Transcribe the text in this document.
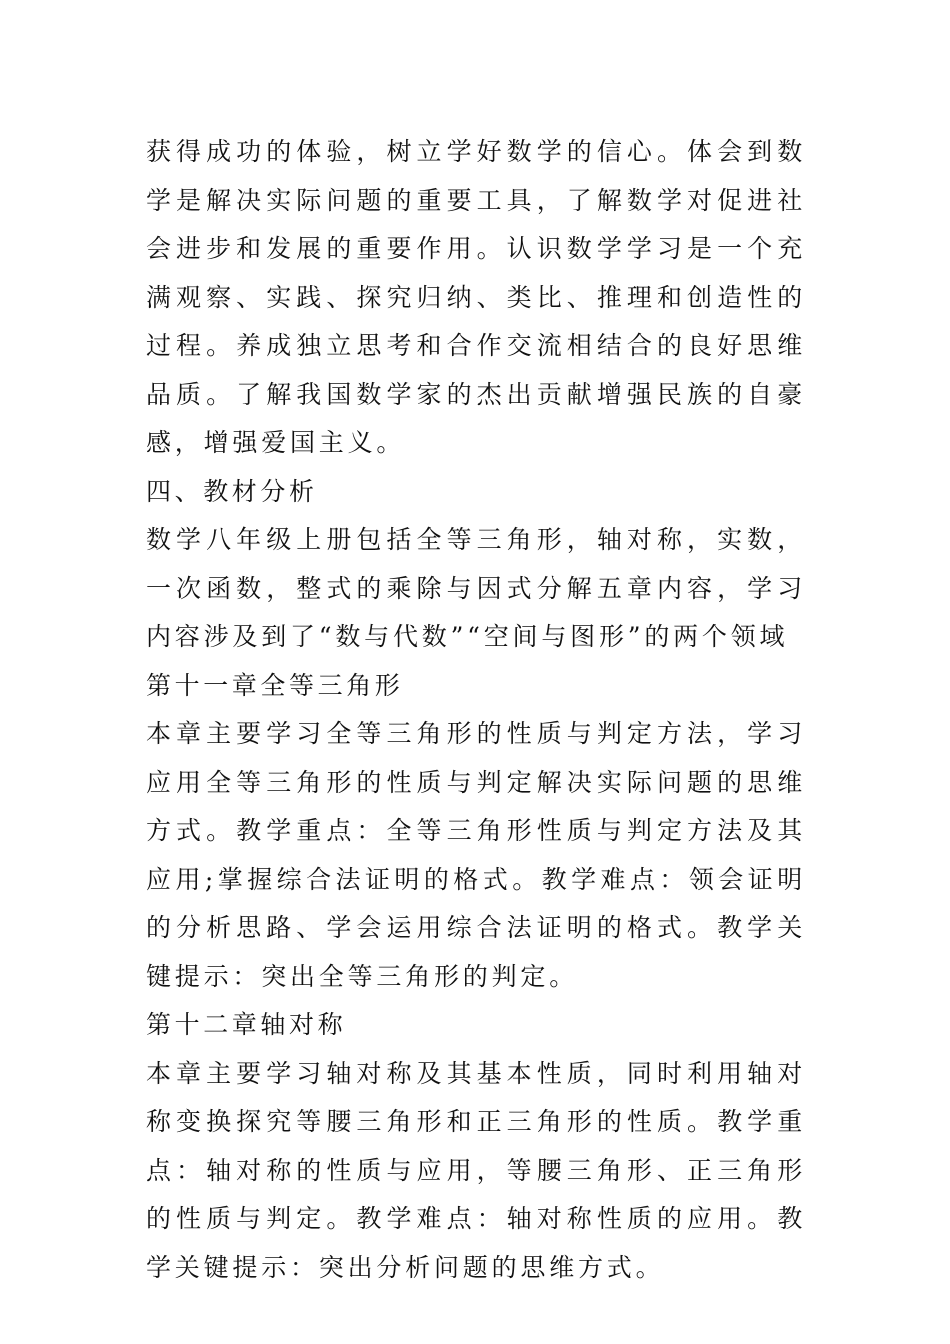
获得成功的体验，树立学好数学的信心。体会到数学是解决实际问题的重要工具，了解数学对促进社会进步和发展的重要作用。认识数学学习是一个充满观察、实践、探究归纳、类比、推理和创造性的过程。养成独立思考和合作交流相结合的良好思维品质。了解我国数学家的杰出贡献增强民族的自豪感，增强爱国主义。

四、教材分析

数学八年级上册包括全等三角形，轴对称，实数，一次函数，整式的乘除与因式分解五章内容，学习内容涉及到了“数与代数”“空间与图形”的两个领域

第十一章全等三角形

本章主要学习全等三角形的性质与判定方法，学习应用全等三角形的性质与判定解决实际问题的思维方式。教学重点：全等三角形性质与判定方法及其应用;掌握综合法证明的格式。教学难点：领会证明的分析思路、学会运用综合法证明的格式。教学关键提示：突出全等三角形的判定。

第十二章轴对称

本章主要学习轴对称及其基本性质，同时利用轴对称变换探究等腰三角形和正三角形的性质。教学重点：轴对称的性质与应用，等腰三角形、正三角形的性质与判定。教学难点：轴对称性质的应用。教学关键提示：突出分析问题的思维方式。
